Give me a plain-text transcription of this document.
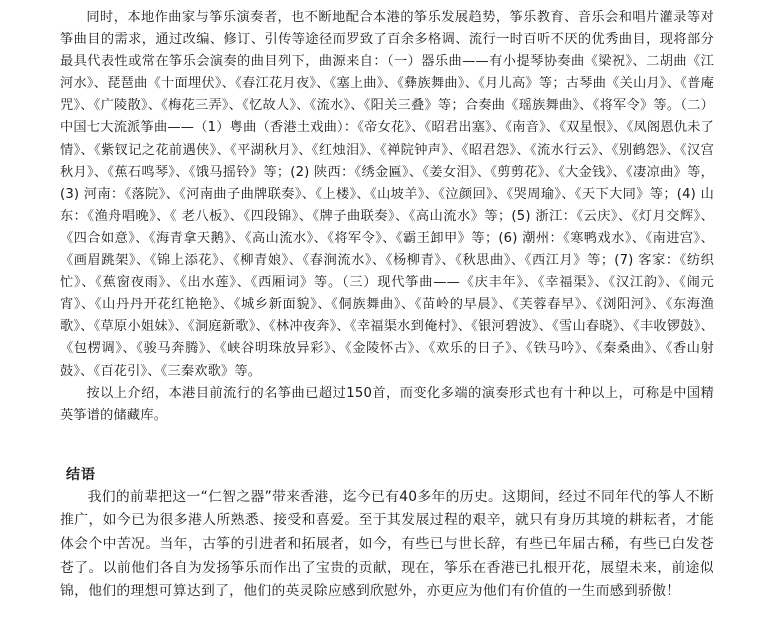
同时，本地作曲家与筝乐演奏者，也不断地配合本港的筝乐发展趋势，筝乐教育、音乐会和唱片灌录等对筝曲目的需求，通过改编、修订、引传等途径而罗致了百余多格调、流行一时百听不厌的优秀曲目，现将部分最具代表性或常在筝乐会演奏的曲目列下，曲源来自：（一）器乐曲——有小提琴协奏曲《梁祝》、二胡曲《江河水》、琵琶曲《十面埋伏》、《春江花月夜》、《塞上曲》、《彝族舞曲》、《月儿高》等；古琴曲《关山月》、《普庵咒》、《广陵散》、《梅花三弄》、《忆故人》、《流水》、《阳关三叠》等；合奏曲《瑶族舞曲》、《将军令》等。（二）中国七大流派筝曲——（1）粤曲（香港土戏曲）：《帝女花》、《昭君出塞》、《南音》、《双星恨》、《凤阁恩仇未了情》、《紫钗记之花前遇侠》、《平湖秋月》、《红烛泪》、《禅院钟声》、《昭君怨》、《流水行云》、《别鹤怨》、《汉宫秋月》、《蕉石鸣琴》、《饿马摇铃》等；(2) 陕西：《绣金匾》、《姜女泪》、《剪剪花》、《大金钱》、《凄凉曲》等，(3) 河南：《落院》、《河南曲子曲牌联奏》、《上楼》、《山坡羊》、《泣颜回》、《哭周瑜》、《天下大同》等；(4) 山东：《渔舟唱晚》、《 老八板》、《四段锦》、《牌子曲联奏》、《高山流水》等；(5) 浙江：《云庆》、《灯月交辉》、《四合如意》、《海青拿天鹅》、《高山流水》、《将军令》、《霸王卸甲》等；(6) 潮州：《寒鸭戏水》、《南进宫》、《画眉跳架》、《锦上添花》、《柳青娘》、《春涧流水》、《杨柳青》、《秋思曲》、《西江月》等；(7) 客家：《纺织忙》、《蕉窗夜雨》、《出水莲》、《西厢词》等。（三）现代筝曲——《庆丰年》、《幸福渠》、《汉江韵》、《闹元宵》、《山丹丹开花红艳艳》、《城乡新面貌》、《侗族舞曲》、《苗岭的早晨》、《芙蓉春早》、《浏阳河》、《东海渔歌》、《草原小姐妹》、《洞庭新歌》、《林冲夜奔》、《幸福渠水到俺村》、《银河碧波》、《雪山春晓》、《丰收锣鼓》、《包楞调》、《骏马奔腾》、《峡谷明珠放异彩》、《金陵怀古》、《欢乐的日子》、《铁马吟》、《秦桑曲》、《香山射鼓》、《百花引》、《三秦欢歌》等。

按以上介绍，本港目前流行的名筝曲已超过150首，而变化多端的演奏形式也有十种以上，可称是中国精英筝谱的储藏库。

结语

我们的前辈把这一“仁智之器”带来香港，迄今已有40多年的历史。这期间，经过不同年代的筝人不断推广，如今已为很多港人所熟悉、接受和喜爱。至于其发展过程的艰辛，就只有身历其境的耕耘者，才能体会个中苦况。当年，古筝的引进者和拓展者，如今，有些已与世长辞，有些已年届古稀，有些已白发苍苍了。以前他们各自为发扬筝乐而作出了宝贵的贡献，现在，筝乐在香港已扎根开花，展望未来，前途似锦，他们的理想可算达到了，他们的英灵除应感到欣慰外，亦更应为他们有价值的一生而感到骄傲！
